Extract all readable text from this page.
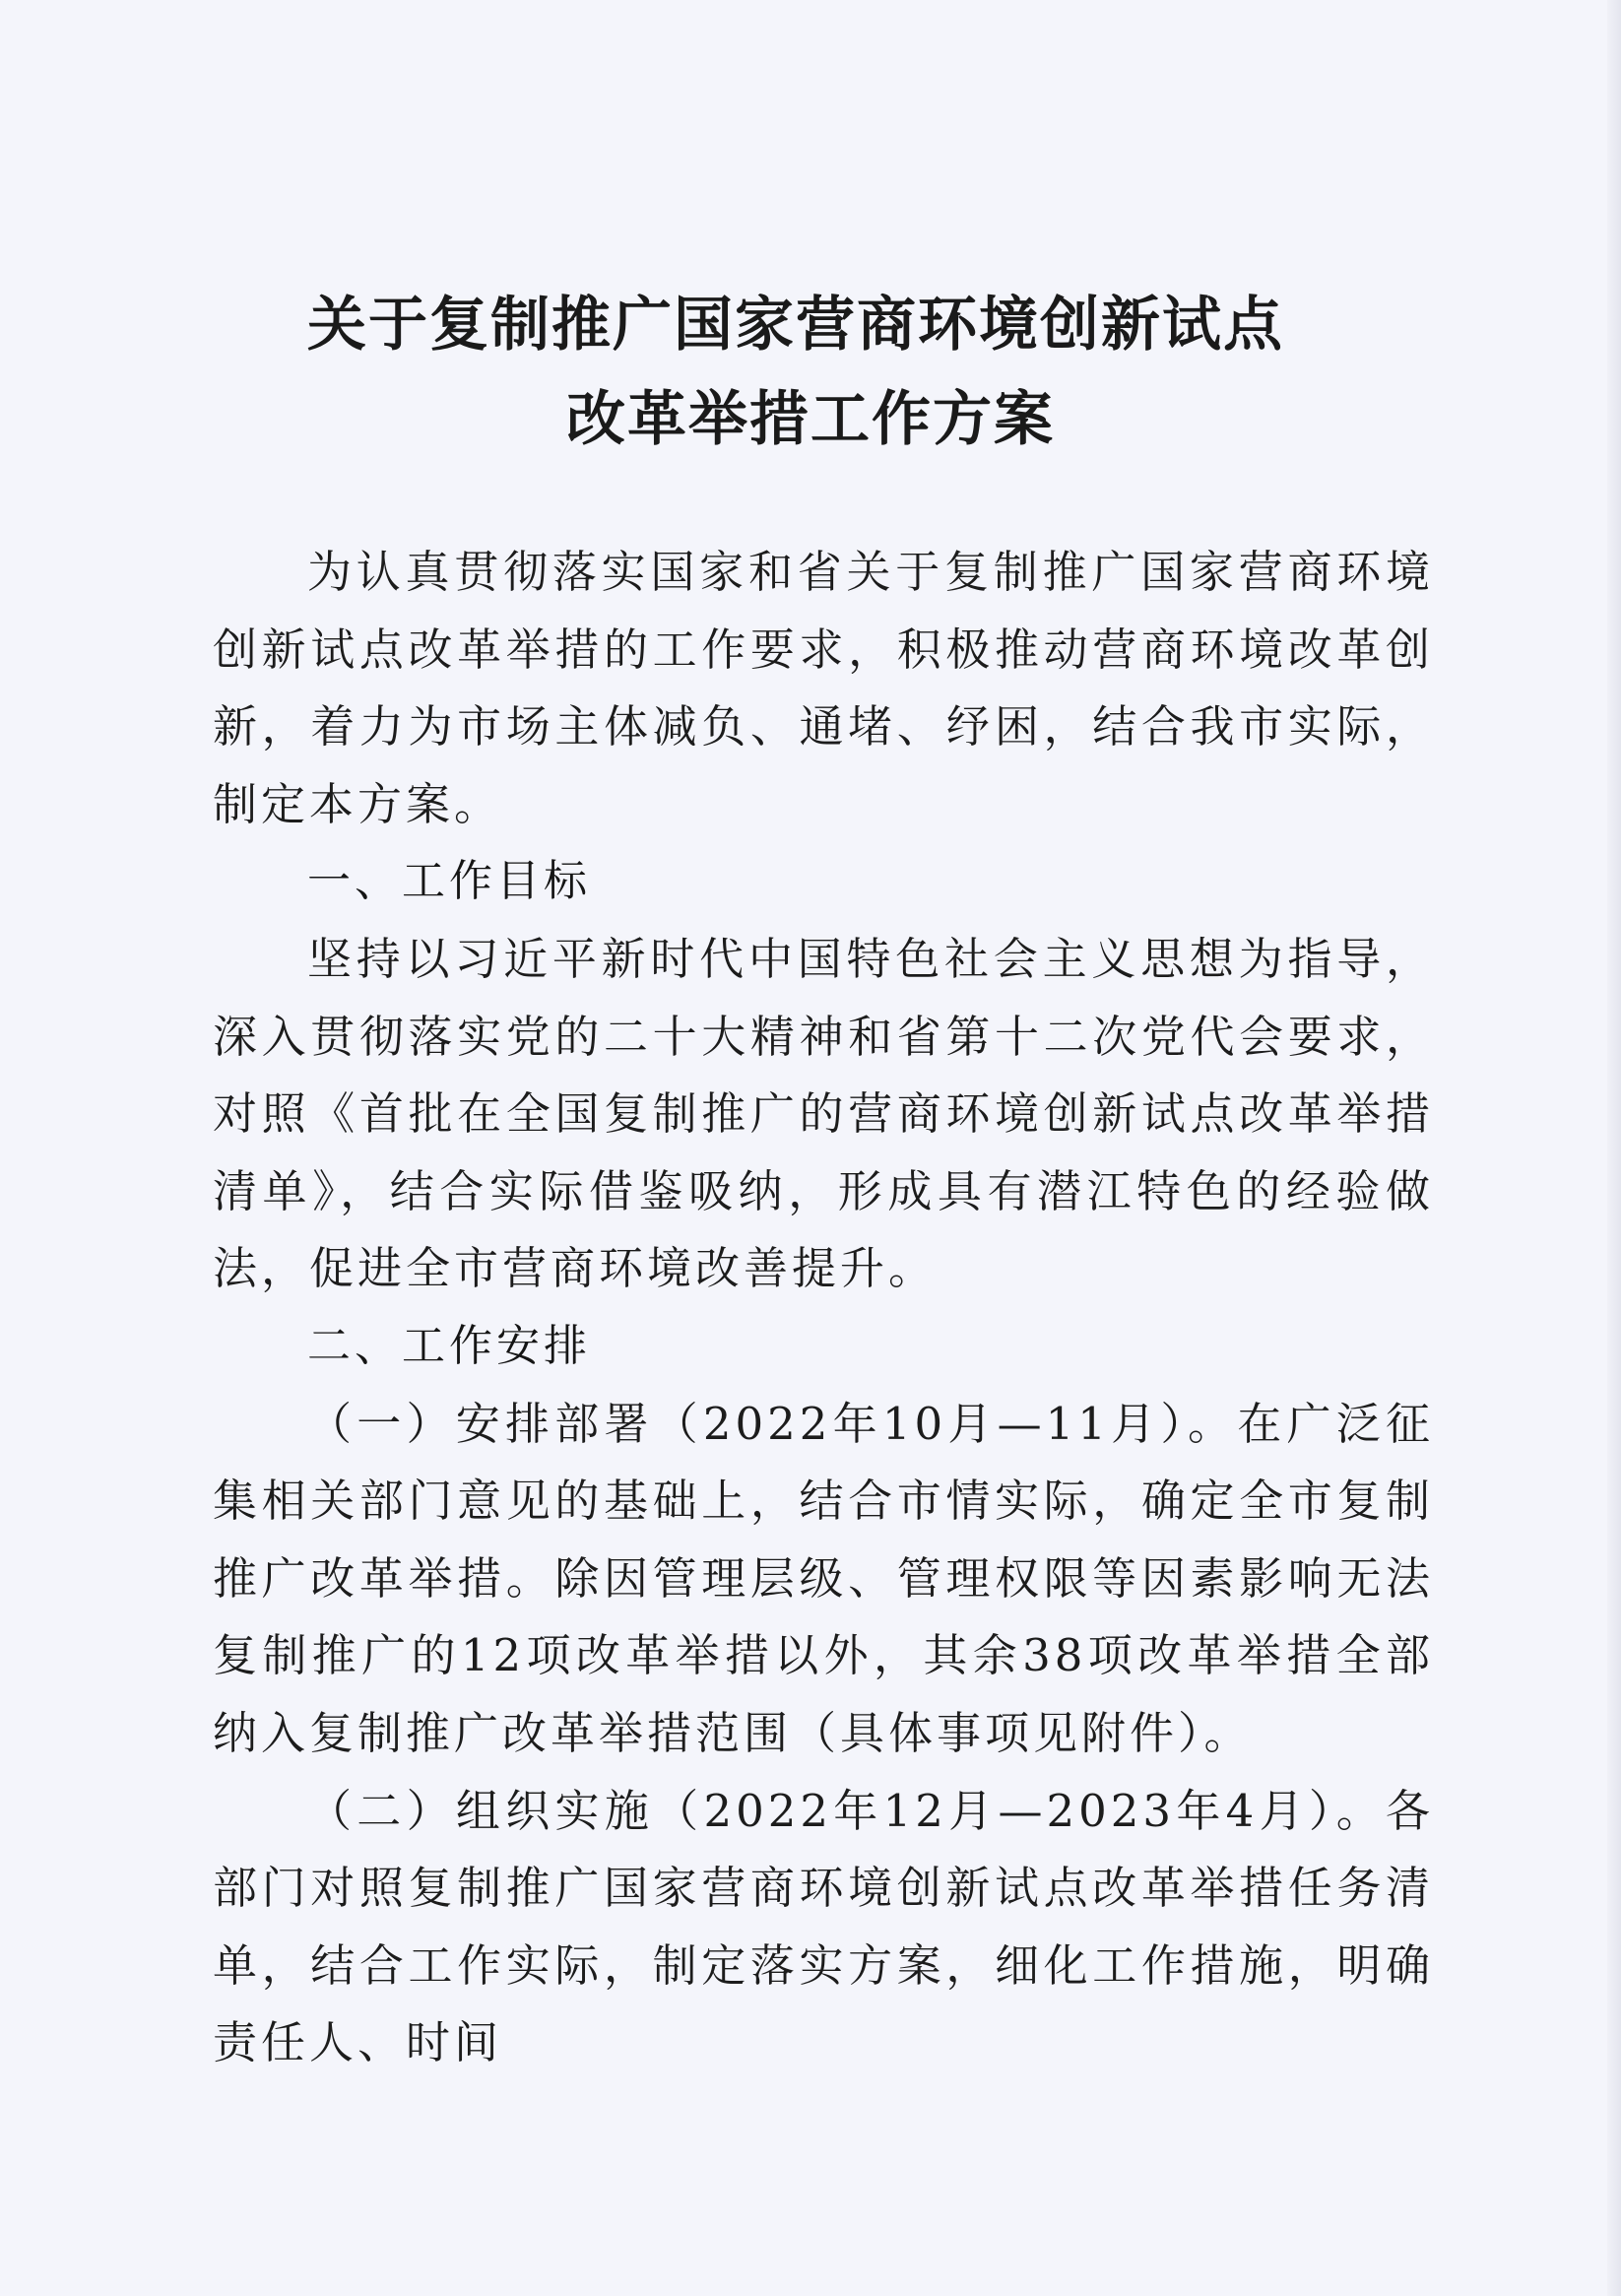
关于复制推广国家营商环境创新试点
改革举措工作方案

为认真贯彻落实国家和省关于复制推广国家营商环境创新试点改革举措的工作要求，积极推动营商环境改革创新，着力为市场主体减负、通堵、纾困，结合我市实际，制定本方案。

一、工作目标

坚持以习近平新时代中国特色社会主义思想为指导，深入贯彻落实党的二十大精神和省第十二次党代会要求，对照《首批在全国复制推广的营商环境创新试点改革举措清单》，结合实际借鉴吸纳，形成具有潜江特色的经验做法，促进全市营商环境改善提升。

二、工作安排

（一）安排部署（2022年10月—11月）。在广泛征集相关部门意见的基础上，结合市情实际，确定全市复制推广改革举措。除因管理层级、管理权限等因素影响无法复制推广的12项改革举措以外，其余38项改革举措全部纳入复制推广改革举措范围（具体事项见附件）。

（二）组织实施（2022年12月—2023年4月）。各部门对照复制推广国家营商环境创新试点改革举措任务清单，结合工作实际，制定落实方案，细化工作措施，明确责任人、时间
